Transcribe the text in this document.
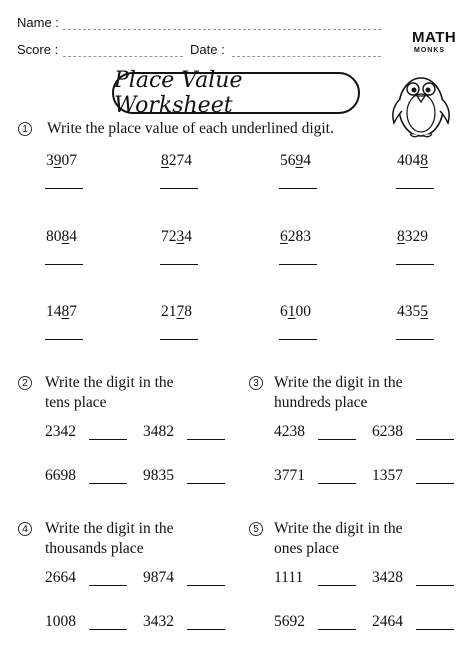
Name :
Score :	Date :
MATH
MONKS
Place Value Worksheet
1 Write the place value of each underlined digit.
3907	8274	5694	4048
8084	7234	6283	8329
1487	2178	6100	4355
2 Write the digit in the
tens place
3 Write the digit in the
hundreds place
4 Write the digit in the
thousands place
5 Write the digit in the
ones place
2342	3482
6698	9835
4238	6238
3771	1357
2664	9874
1008	3432
1111	3428
5692	2464
